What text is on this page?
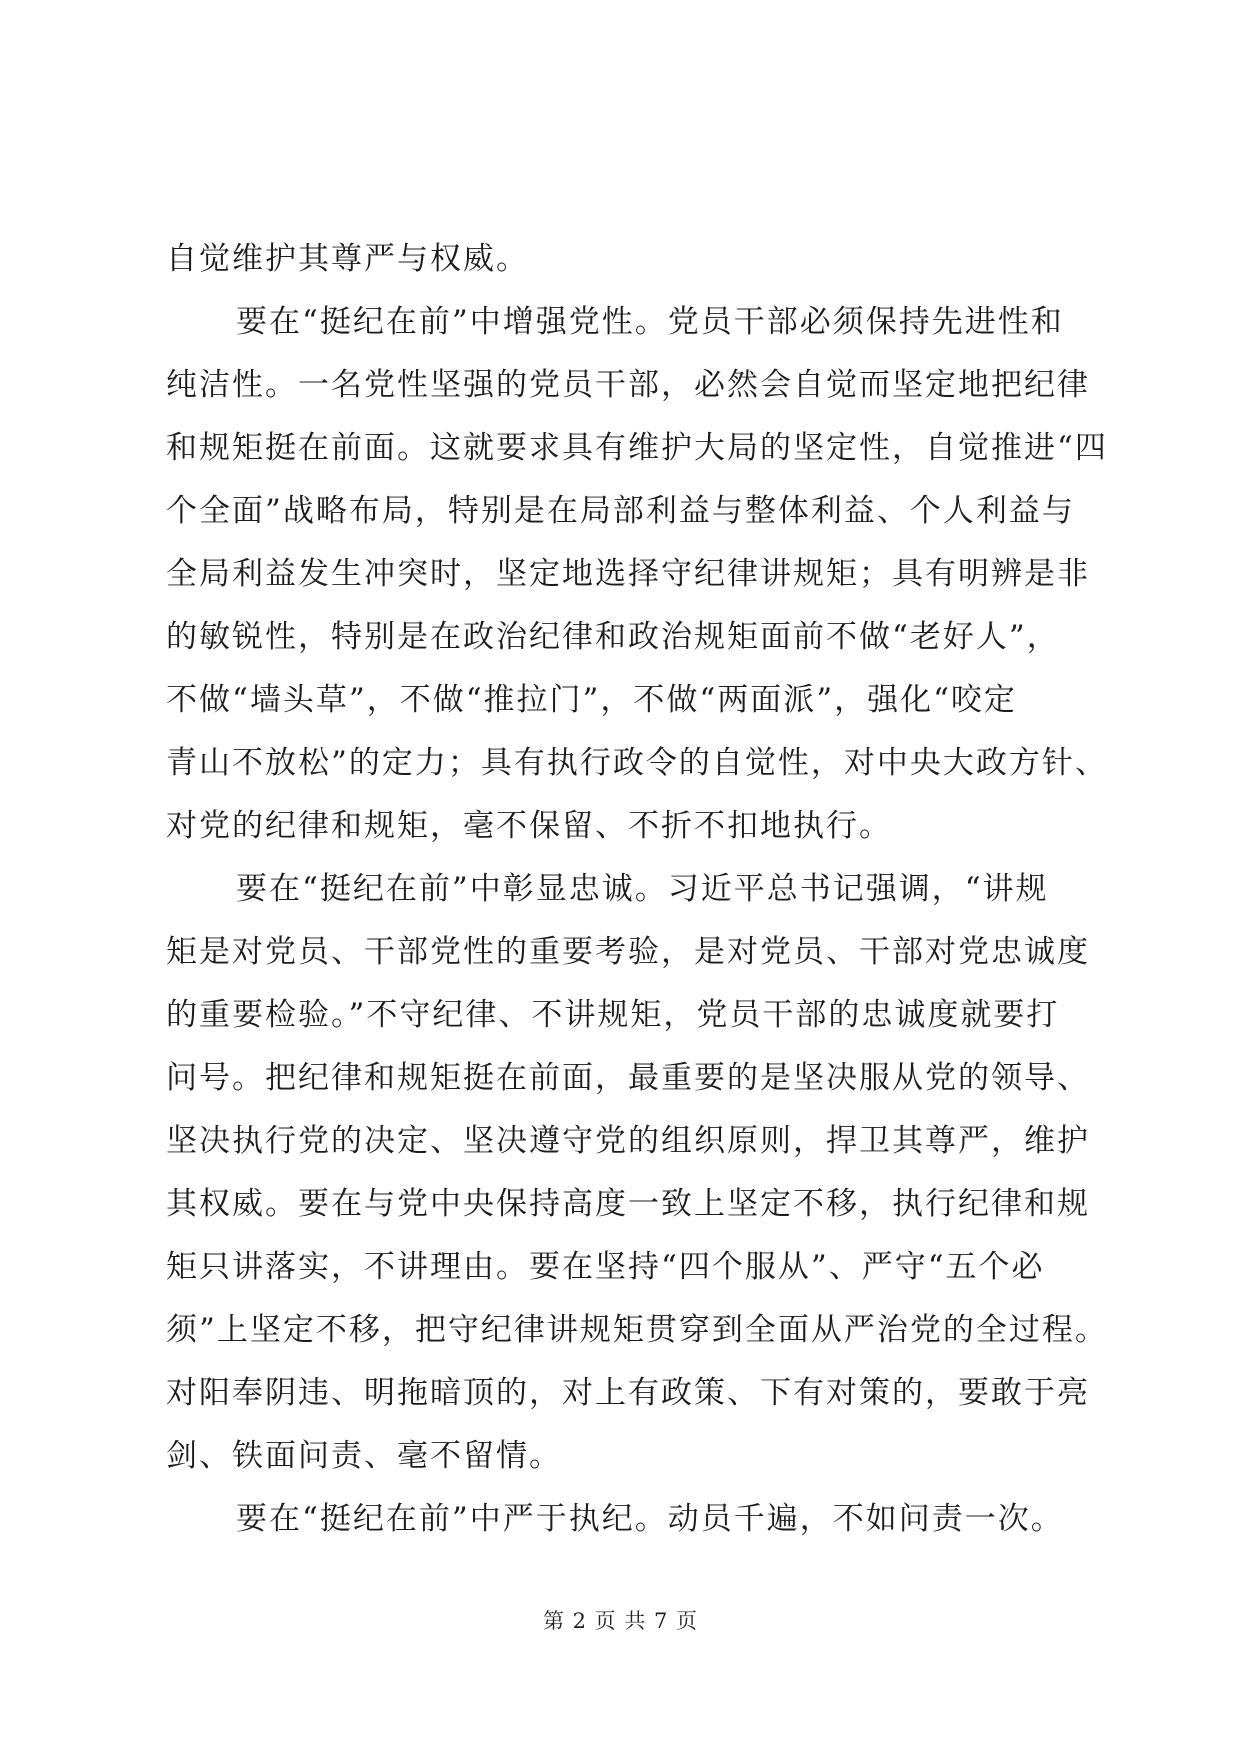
自觉维护其尊严与权威。
要在“挺纪在前”中增强党性。党员干部必须保持先进性和
纯洁性。一名党性坚强的党员干部，必然会自觉而坚定地把纪律
和规矩挺在前面。这就要求具有维护大局的坚定性，自觉推进“四
个全面”战略布局，特别是在局部利益与整体利益、个人利益与
全局利益发生冲突时，坚定地选择守纪律讲规矩；具有明辨是非
的敏锐性，特别是在政治纪律和政治规矩面前不做“老好人”，
不做“墙头草”，不做“推拉门”，不做“两面派”，强化“咬定
青山不放松”的定力；具有执行政令的自觉性，对中央大政方针、
对党的纪律和规矩，毫不保留、不折不扣地执行。
要在“挺纪在前”中彰显忠诚。习近平总书记强调，“讲规
矩是对党员、干部党性的重要考验，是对党员、干部对党忠诚度
的重要检验。”不守纪律、不讲规矩，党员干部的忠诚度就要打
问号。把纪律和规矩挺在前面，最重要的是坚决服从党的领导、
坚决执行党的决定、坚决遵守党的组织原则，捍卫其尊严，维护
其权威。要在与党中央保持高度一致上坚定不移，执行纪律和规
矩只讲落实，不讲理由。要在坚持“四个服从”、严守“五个必
须”上坚定不移，把守纪律讲规矩贯穿到全面从严治党的全过程。
对阳奉阴违、明拖暗顶的，对上有政策、下有对策的，要敢于亮
剑、铁面问责、毫不留情。
要在“挺纪在前”中严于执纪。动员千遍，不如问责一次。
第 2 页 共 7 页
